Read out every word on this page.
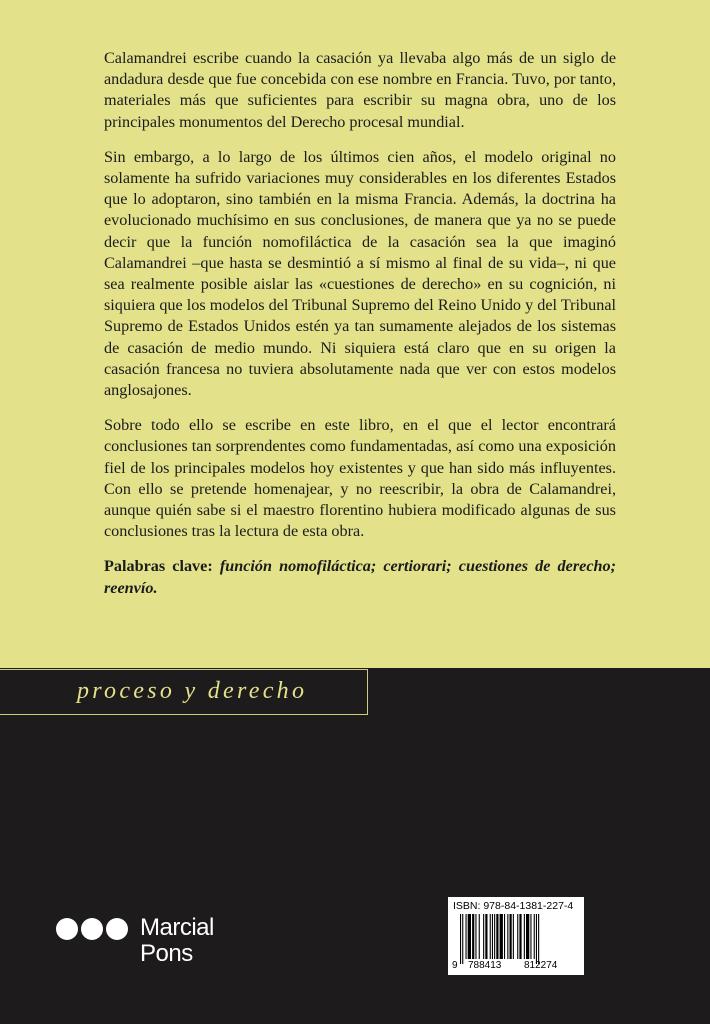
Calamandrei escribe cuando la casación ya llevaba algo más de un siglo de andadura desde que fue concebida con ese nombre en Francia. Tuvo, por tanto, materiales más que suficientes para escribir su magna obra, uno de los principales monumentos del Derecho procesal mundial.

Sin embargo, a lo largo de los últimos cien años, el modelo original no solamente ha sufrido variaciones muy considerables en los diferentes Estados que lo adoptaron, sino también en la misma Francia. Además, la doctrina ha evolucionado muchísimo en sus conclusiones, de manera que ya no se puede decir que la función nomofiláctica de la casación sea la que imaginó Calamandrei –que hasta se desmintió a sí mismo al final de su vida–, ni que sea realmente posible aislar las «cuestiones de derecho» en su cognición, ni siquiera que los modelos del Tribunal Supremo del Reino Unido y del Tribunal Supremo de Estados Unidos estén ya tan sumamente alejados de los sistemas de casación de medio mundo. Ni siquiera está claro que en su origen la casación francesa no tuviera absolutamente nada que ver con estos modelos anglosajones.

Sobre todo ello se escribe en este libro, en el que el lector encontrará conclusiones tan sorprendentes como fundamentadas, así como una exposición fiel de los principales modelos hoy existentes y que han sido más influyentes. Con ello se pretende homenajear, y no reescribir, la obra de Calamandrei, aunque quién sabe si el maestro florentino hubiera modificado algunas de sus conclusiones tras la lectura de esta obra.

Palabras clave: función nomofiláctica; certiorari; cuestiones de derecho; reenvío.

proceso y derecho
Marcial
Pons
ISBN: 978-84-1381-227-4
9 788413 812274
